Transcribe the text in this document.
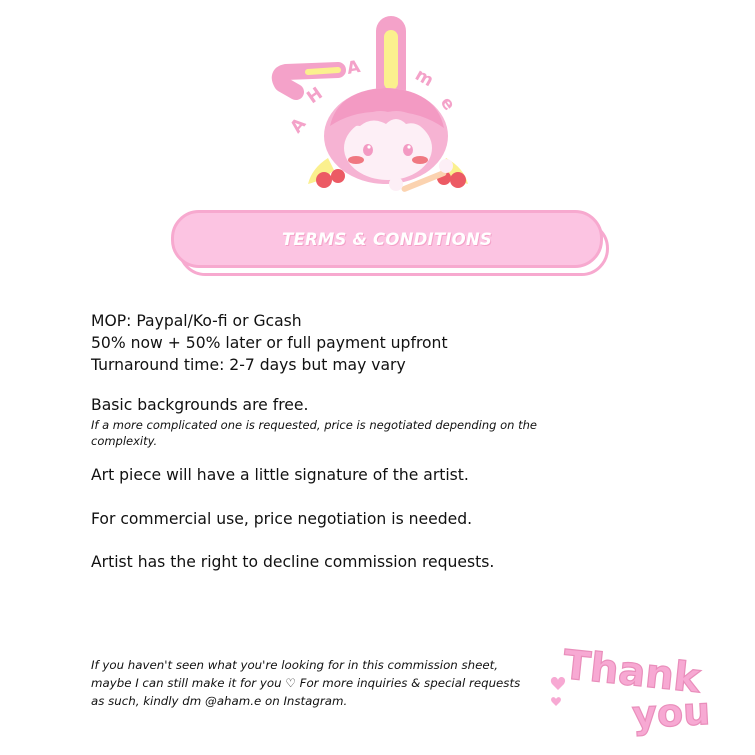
A
H
A	m
e
TERMS & CONDITIONS
MOP: Paypal/Ko-fi or Gcash
50% now + 50% later or full payment upfront
Turnaround time: 2-7 days but may vary
Basic backgrounds are free.
If a more complicated one is requested, price is negotiated depending on the complexity.
Art piece will have a little signature of the artist.
For commercial use, price negotiation is needed.
Artist has the right to decline commission requests.
If you haven't seen what you're looking for in this commission sheet, maybe I can still make it for you ♡ For more inquiries & special requests as such, kindly dm @aham.e on Instagram.	Thank
you
